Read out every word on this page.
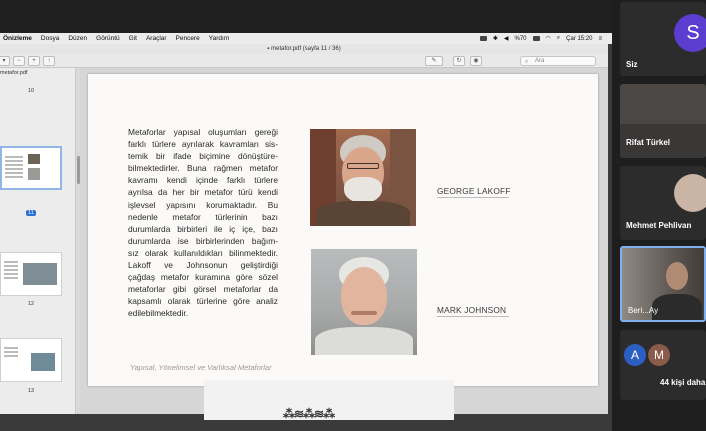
Önizleme Dosya Düzen Görüntü Git Araçlar Pencere Yardım	✱ ◀ %70	◠ ⌕ Çar 15:20 ≡
▪ metafor.pdf (sayfa 11 / 36)
▾	−	+	↑	✎	↻	◉	⌕ Ara
metafor.pdf
10
11
12
13
Metaforlar yapısal oluşumları gereği
farklı türlere ayrılarak kavramları sis-
temik bir ifade biçimine dönüştüre-
bilmektedirler. Buna rağmen metafor
kavramı kendi içinde farklı türlere
ayrılsa da her bir metafor türü kendi
işlevsel yapısını korumaktadır. Bu
nedenle metafor türlerinin bazı
durumlarda birbirleri ile iç içe, bazı
durumlarda ise birbirlerinden bağım-
sız olarak kullanıldıkları bilinmektedir.
Lakoff ve Johnsonun geliştirdiği
çağdaş metafor kuramına göre sözel
metaforlar gibi görsel metaforlar da
kapsamlı olarak türlerine göre analiz
edilebilmektedir.
GEORGE LAKOFF
MARK JOHNSON
Yapısal, Yönelimsel ve Varlıksal Metaforlar
⁂≋⁂≋⁂
S
Siz
Rifat Türkel
Mehmet Pehlivan
Beri...Ay
A	M
44 kişi daha
